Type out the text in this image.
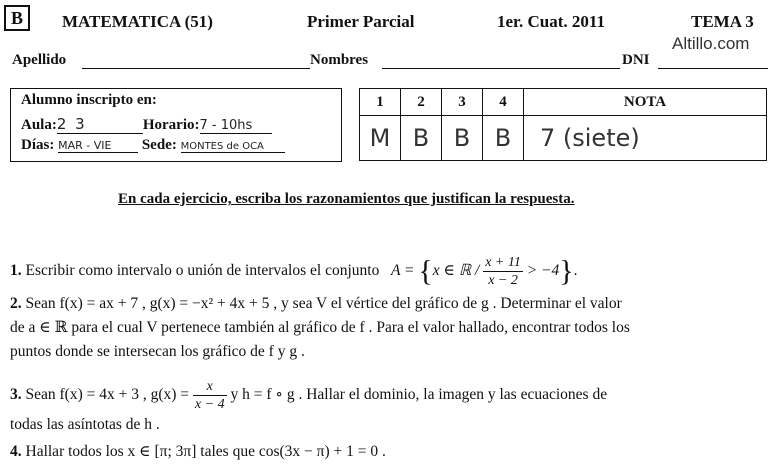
B	MATEMATICA (51)	Primer Parcial	1er. Cuat. 2011	TEMA 3
Altillo.com
Apellido	Nombres	DNI
Alumno inscripto en:
Aula:2 3	Horario:7 - 10hs
Días: MAR - VIE Sede: MONTES de OCA
1	2	3	4	NOTA
M	B	B	B	7 (siete)
En cada ejercicio, escriba los razonamientos que justifican la respuesta.
1. Escribir como intervalo o unión de intervalos el conjunto A = {x ∈ ℝ / $\frac{x + 11}{x - 2} > -4$}.
2. Sean f(x) = ax + 7 , g(x) = −x² + 4x + 5 , y sea V el vértice del gráfico de g . Determinar el valor
de a ∈ ℝ para el cual V pertenece también al gráfico de f . Para el valor hallado, encontrar todos los
puntos donde se intersecan los gráfico de f y g .
3. Sean f(x) = 4x + 3 , $g(x) = \frac{x}{x - 4}$ y h = f ∘ g . Hallar el dominio, la imagen y las ecuaciones de
todas las asíntotas de h .
4. Hallar todos los x ∈ [π; 3π] tales que cos(3x − π) + 1 = 0 .
